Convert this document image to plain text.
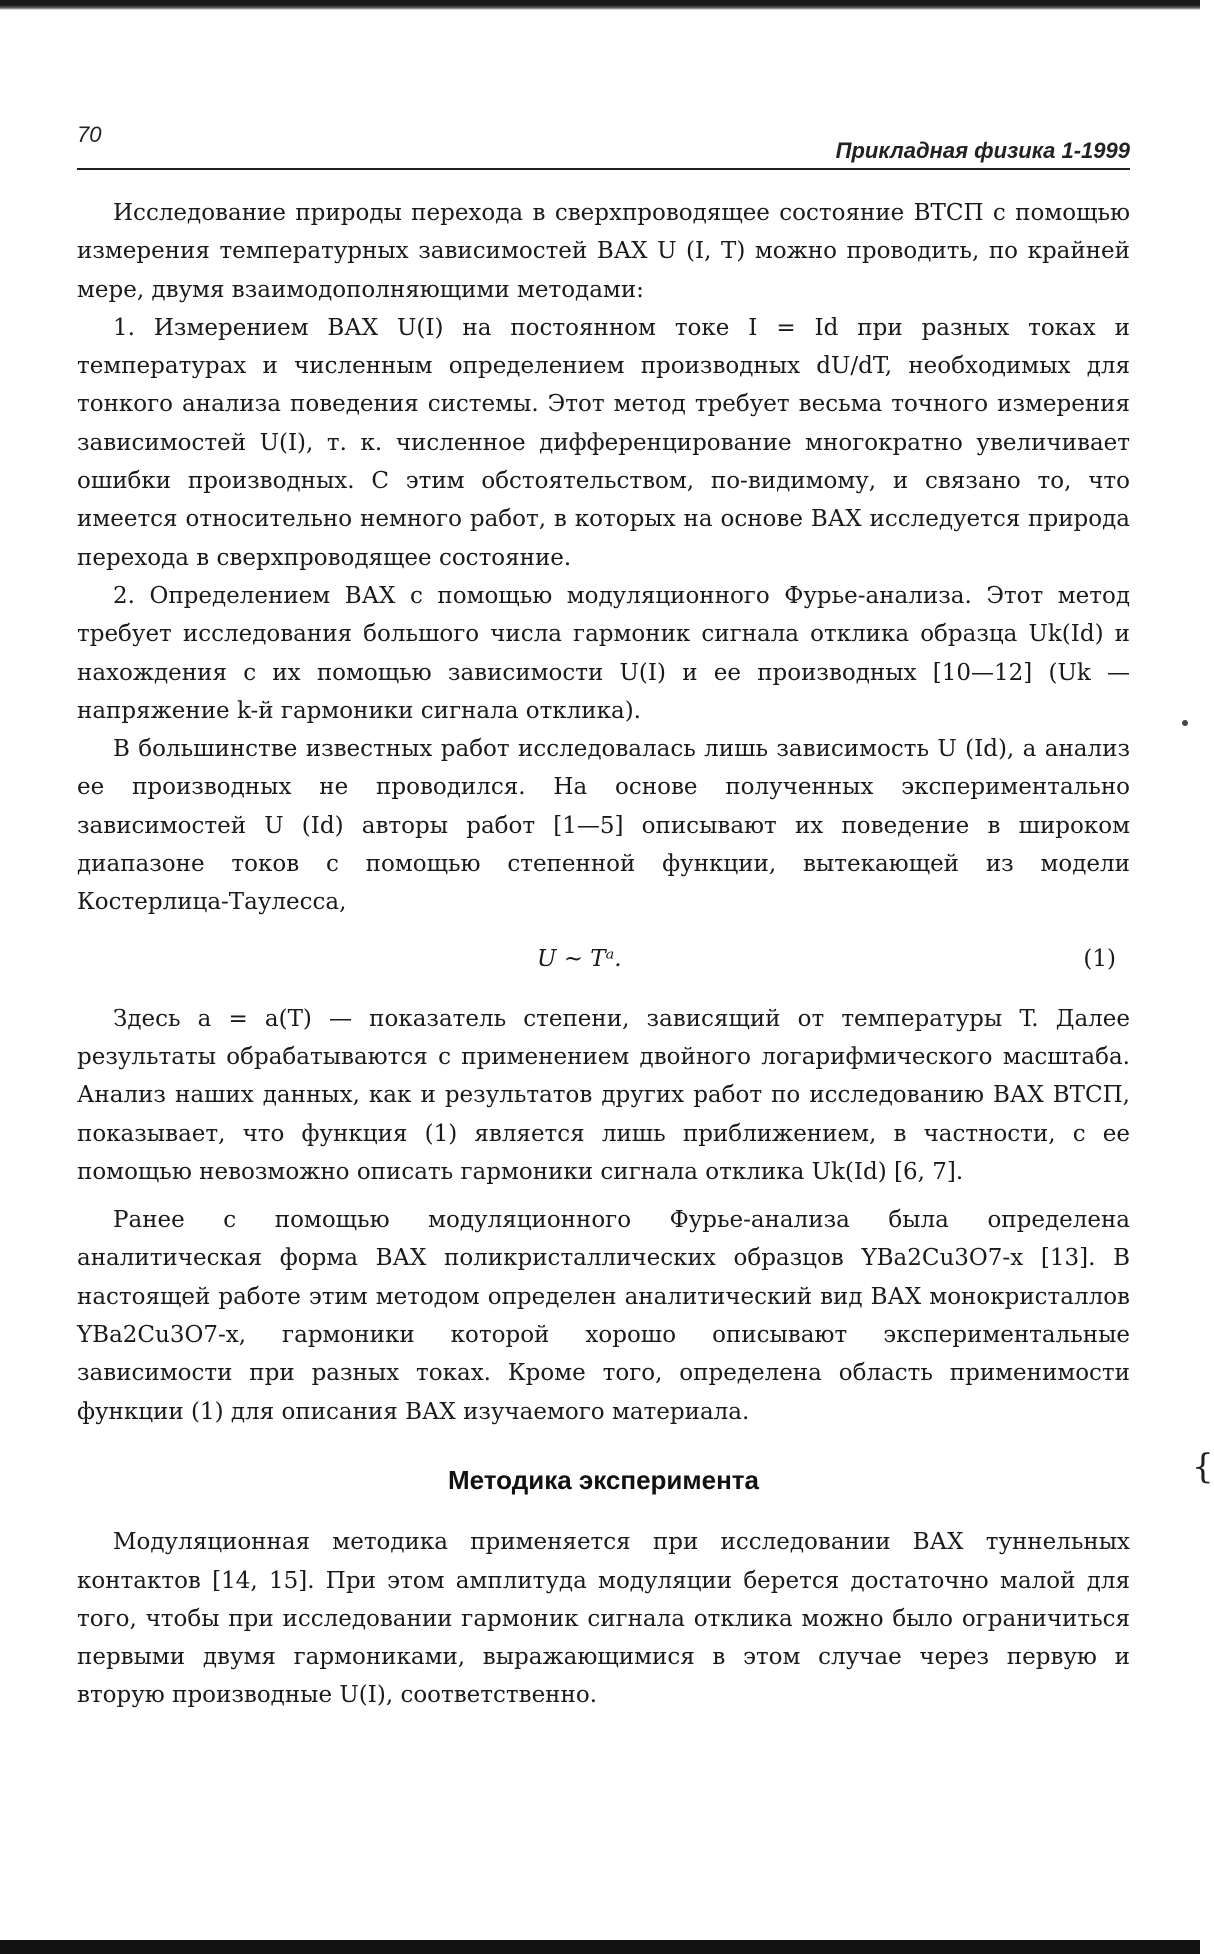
70
Прикладная физика 1-1999

Исследование природы перехода в сверхпроводящее состояние ВТСП с помощью измерения температурных зависимостей ВАХ U (I, T) можно проводить, по крайней мере, двумя взаимодополняющими методами:

1. Измерением ВАХ U(I) на постоянном токе I = Id при разных токах и температурах и численным определением производных dU/dT, необходимых для тонкого анализа поведения системы. Этот метод требует весьма точного измерения зависимостей U(I), т. к. численное дифференцирование многократно увеличивает ошибки производных. С этим обстоятельством, по-видимому, и связано то, что имеется относительно немного работ, в которых на основе ВАХ исследуется природа перехода в сверхпроводящее состояние.

2. Определением ВАХ с помощью модуляционного Фурье-анализа. Этот метод требует исследования большого числа гармоник сигнала отклика образца Uk(Id) и нахождения с их помощью зависимости U(I) и ее производных [10—12] (Uk — напряжение k-й гармоники сигнала отклика).

В большинстве известных работ исследовалась лишь зависимость U (Id), а анализ ее производных не проводился. На основе полученных экспериментально зависимостей U (Id) авторы работ [1—5] описывают их поведение в широком диапазоне токов с помощью степенной функции, вытекающей из модели Костерлица-Таулесса,

U ~ Tᵃ.	(1)

Здесь a = a(T) — показатель степени, зависящий от температуры T. Далее результаты обрабатываются с применением двойного логарифмического масштаба. Анализ наших данных, как и результатов других работ по исследованию ВАХ ВТСП, показывает, что функция (1) является лишь приближением, в частности, с ее помощью невозможно описать гармоники сигнала отклика Uk(Id) [6, 7].

Ранее с помощью модуляционного Фурье-анализа была определена аналитическая форма ВАХ поликристаллических образцов YBa2Cu3O7-x [13]. В настоящей работе этим методом определен аналитический вид ВАХ монокристаллов YBa2Cu3O7-x, гармоники которой хорошо описывают экспериментальные зависимости при разных токах. Кроме того, определена область применимости функции (1) для описания ВАХ изучаемого материала.

Методика эксперимента

Модуляционная методика применяется при исследовании ВАХ туннельных контактов [14, 15]. При этом амплитуда модуляции берется достаточно малой для того, чтобы при исследовании гармоник сигнала отклика можно было ограничиться первыми двумя гармониками, выражающимися в этом случае через первую и вторую производные U(I), соответственно.

{
